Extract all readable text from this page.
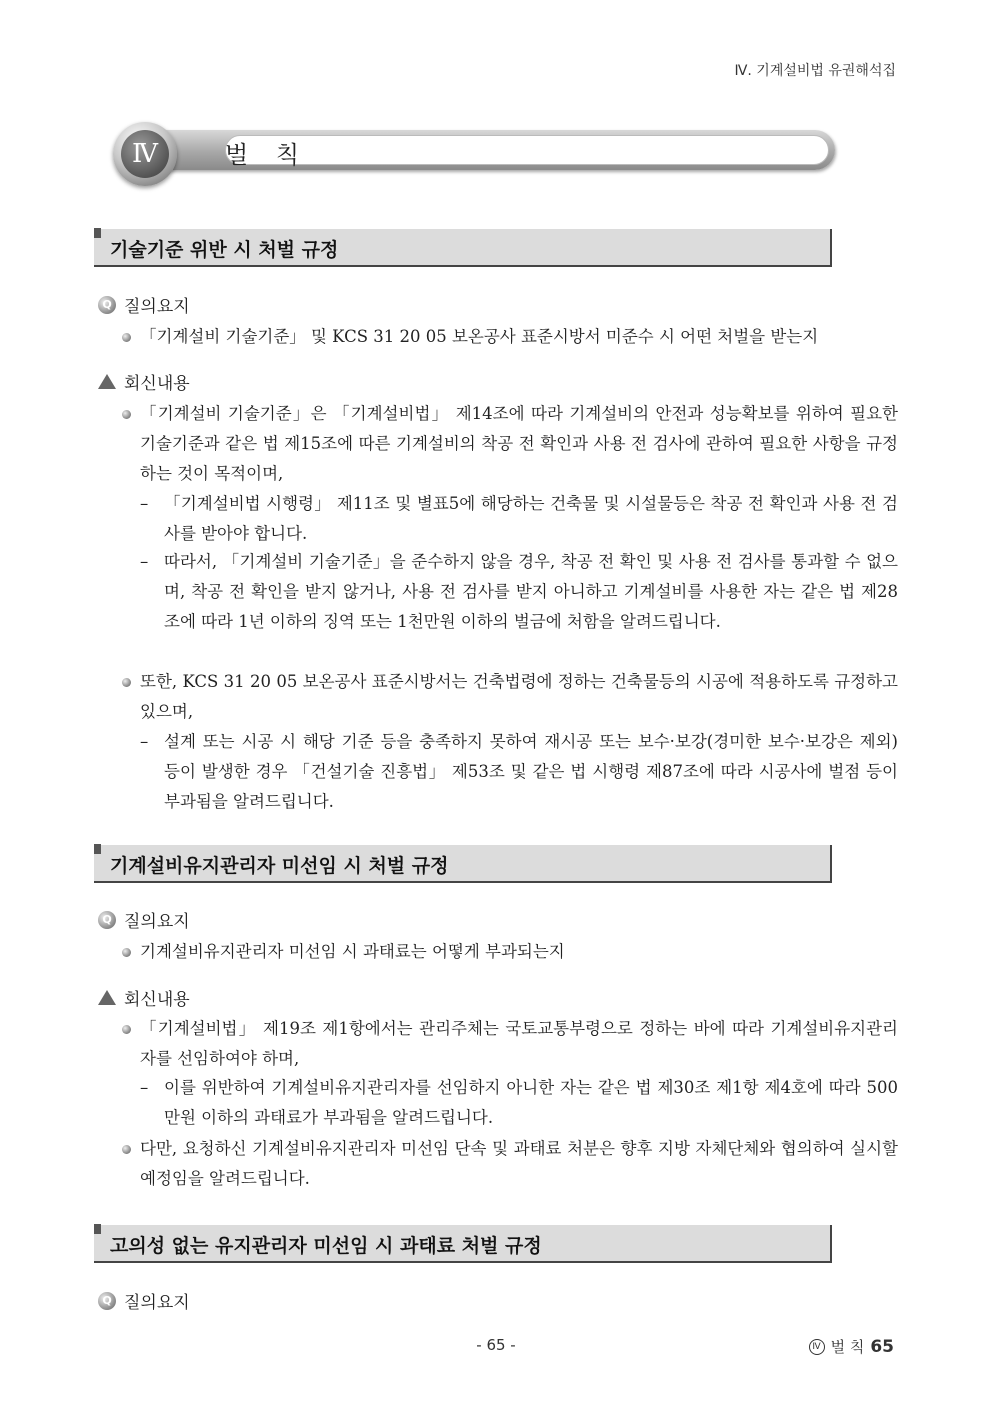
Ⅳ. 기계설비법 유권해석집
Ⅳ	벌 칙
기술기준 위반 시 처벌 규정
Q 질의요지
「기계설비 기술기준」 및 KCS 31 20 05 보온공사 표준시방서 미준수 시 어떤 처벌을 받는지
회신내용
「기계설비 기술기준」은 「기계설비법」 제14조에 따라 기계설비의 안전과 성능확보를 위하여 필요한 기술기준과 같은 법 제15조에 따른 기계설비의 착공 전 확인과 사용 전 검사에 관하여 필요한 사항을 규정하는 것이 목적이며,
– 「기계설비법 시행령」 제11조 및 별표5에 해당하는 건축물 및 시설물등은 착공 전 확인과 사용 전 검사를 받아야 합니다.
– 따라서, 「기계설비 기술기준」을 준수하지 않을 경우, 착공 전 확인 및 사용 전 검사를 통과할 수 없으며, 착공 전 확인을 받지 않거나, 사용 전 검사를 받지 아니하고 기계설비를 사용한 자는 같은 법 제28조에 따라 1년 이하의 징역 또는 1천만원 이하의 벌금에 처함을 알려드립니다.
또한, KCS 31 20 05 보온공사 표준시방서는 건축법령에 정하는 건축물등의 시공에 적용하도록 규정하고 있으며,
– 설계 또는 시공 시 해당 기준 등을 충족하지 못하여 재시공 또는 보수·보강(경미한 보수·보강은 제외) 등이 발생한 경우 「건설기술 진흥법」 제53조 및 같은 법 시행령 제87조에 따라 시공사에 벌점 등이 부과됨을 알려드립니다.
기계설비유지관리자 미선임 시 처벌 규정
Q 질의요지
기계설비유지관리자 미선임 시 과태료는 어떻게 부과되는지
회신내용
「기계설비법」 제19조 제1항에서는 관리주체는 국토교통부령으로 정하는 바에 따라 기계설비유지관리자를 선임하여야 하며,
– 이를 위반하여 기계설비유지관리자를 선임하지 아니한 자는 같은 법 제30조 제1항 제4호에 따라 500만원 이하의 과태료가 부과됨을 알려드립니다.
다만, 요청하신 기계설비유지관리자 미선임 단속 및 과태료 처분은 향후 지방 자체단체와 협의하여 실시할 예정임을 알려드립니다.
고의성 없는 유지관리자 미선임 시 과태료 처벌 규정
Q 질의요지
- 65 -	Ⅳ 벌 칙 65
